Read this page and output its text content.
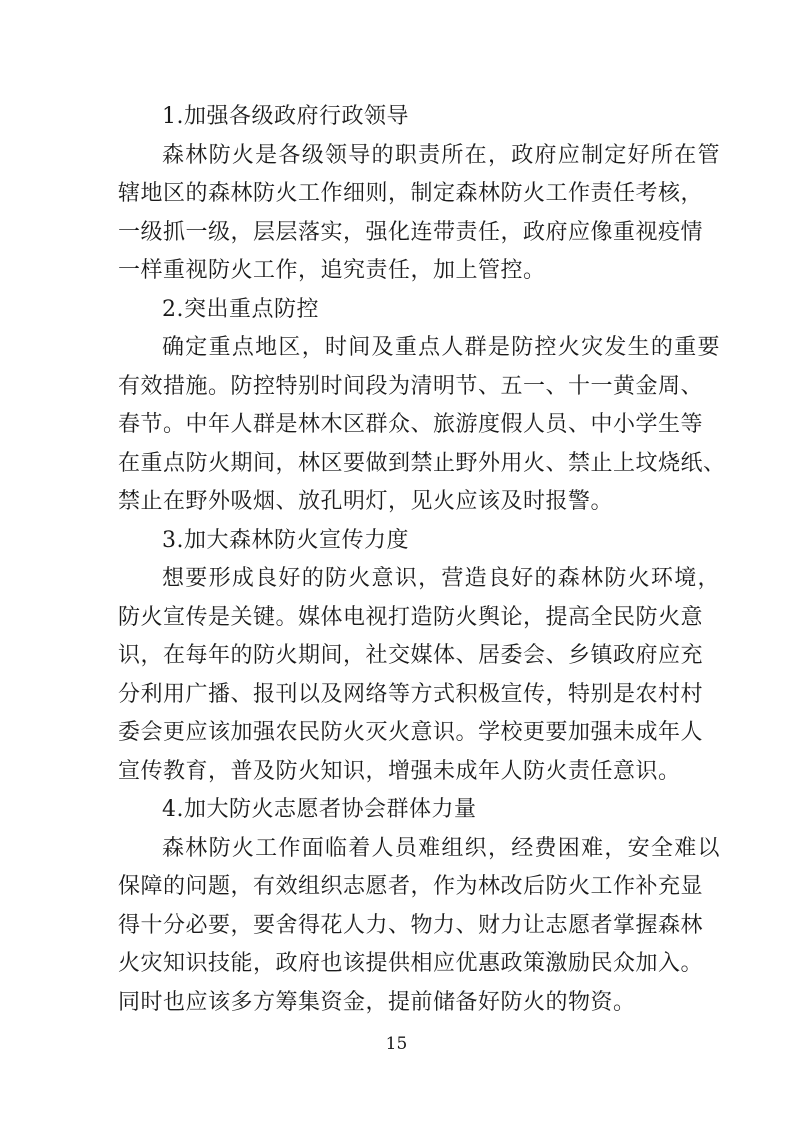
1.加强各级政府行政领导
森林防火是各级领导的职责所在，政府应制定好所在管
辖地区的森林防火工作细则，制定森林防火工作责任考核，
一级抓一级，层层落实，强化连带责任，政府应像重视疫情
一样重视防火工作，追究责任，加上管控。
2.突出重点防控
确定重点地区，时间及重点人群是防控火灾发生的重要
有效措施。防控特别时间段为清明节、五一、十一黄金周、
春节。中年人群是林木区群众、旅游度假人员、中小学生等
在重点防火期间，林区要做到禁止野外用火、禁止上坟烧纸、
禁止在野外吸烟、放孔明灯，见火应该及时报警。
3.加大森林防火宣传力度
想要形成良好的防火意识，营造良好的森林防火环境，
防火宣传是关键。媒体电视打造防火舆论，提高全民防火意
识，在每年的防火期间，社交媒体、居委会、乡镇政府应充
分利用广播、报刊以及网络等方式积极宣传，特别是农村村
委会更应该加强农民防火灭火意识。学校更要加强未成年人
宣传教育，普及防火知识，增强未成年人防火责任意识。
4.加大防火志愿者协会群体力量
森林防火工作面临着人员难组织，经费困难，安全难以
保障的问题，有效组织志愿者，作为林改后防火工作补充显
得十分必要，要舍得花人力、物力、财力让志愿者掌握森林
火灾知识技能，政府也该提供相应优惠政策激励民众加入。
同时也应该多方筹集资金，提前储备好防火的物资。
15
